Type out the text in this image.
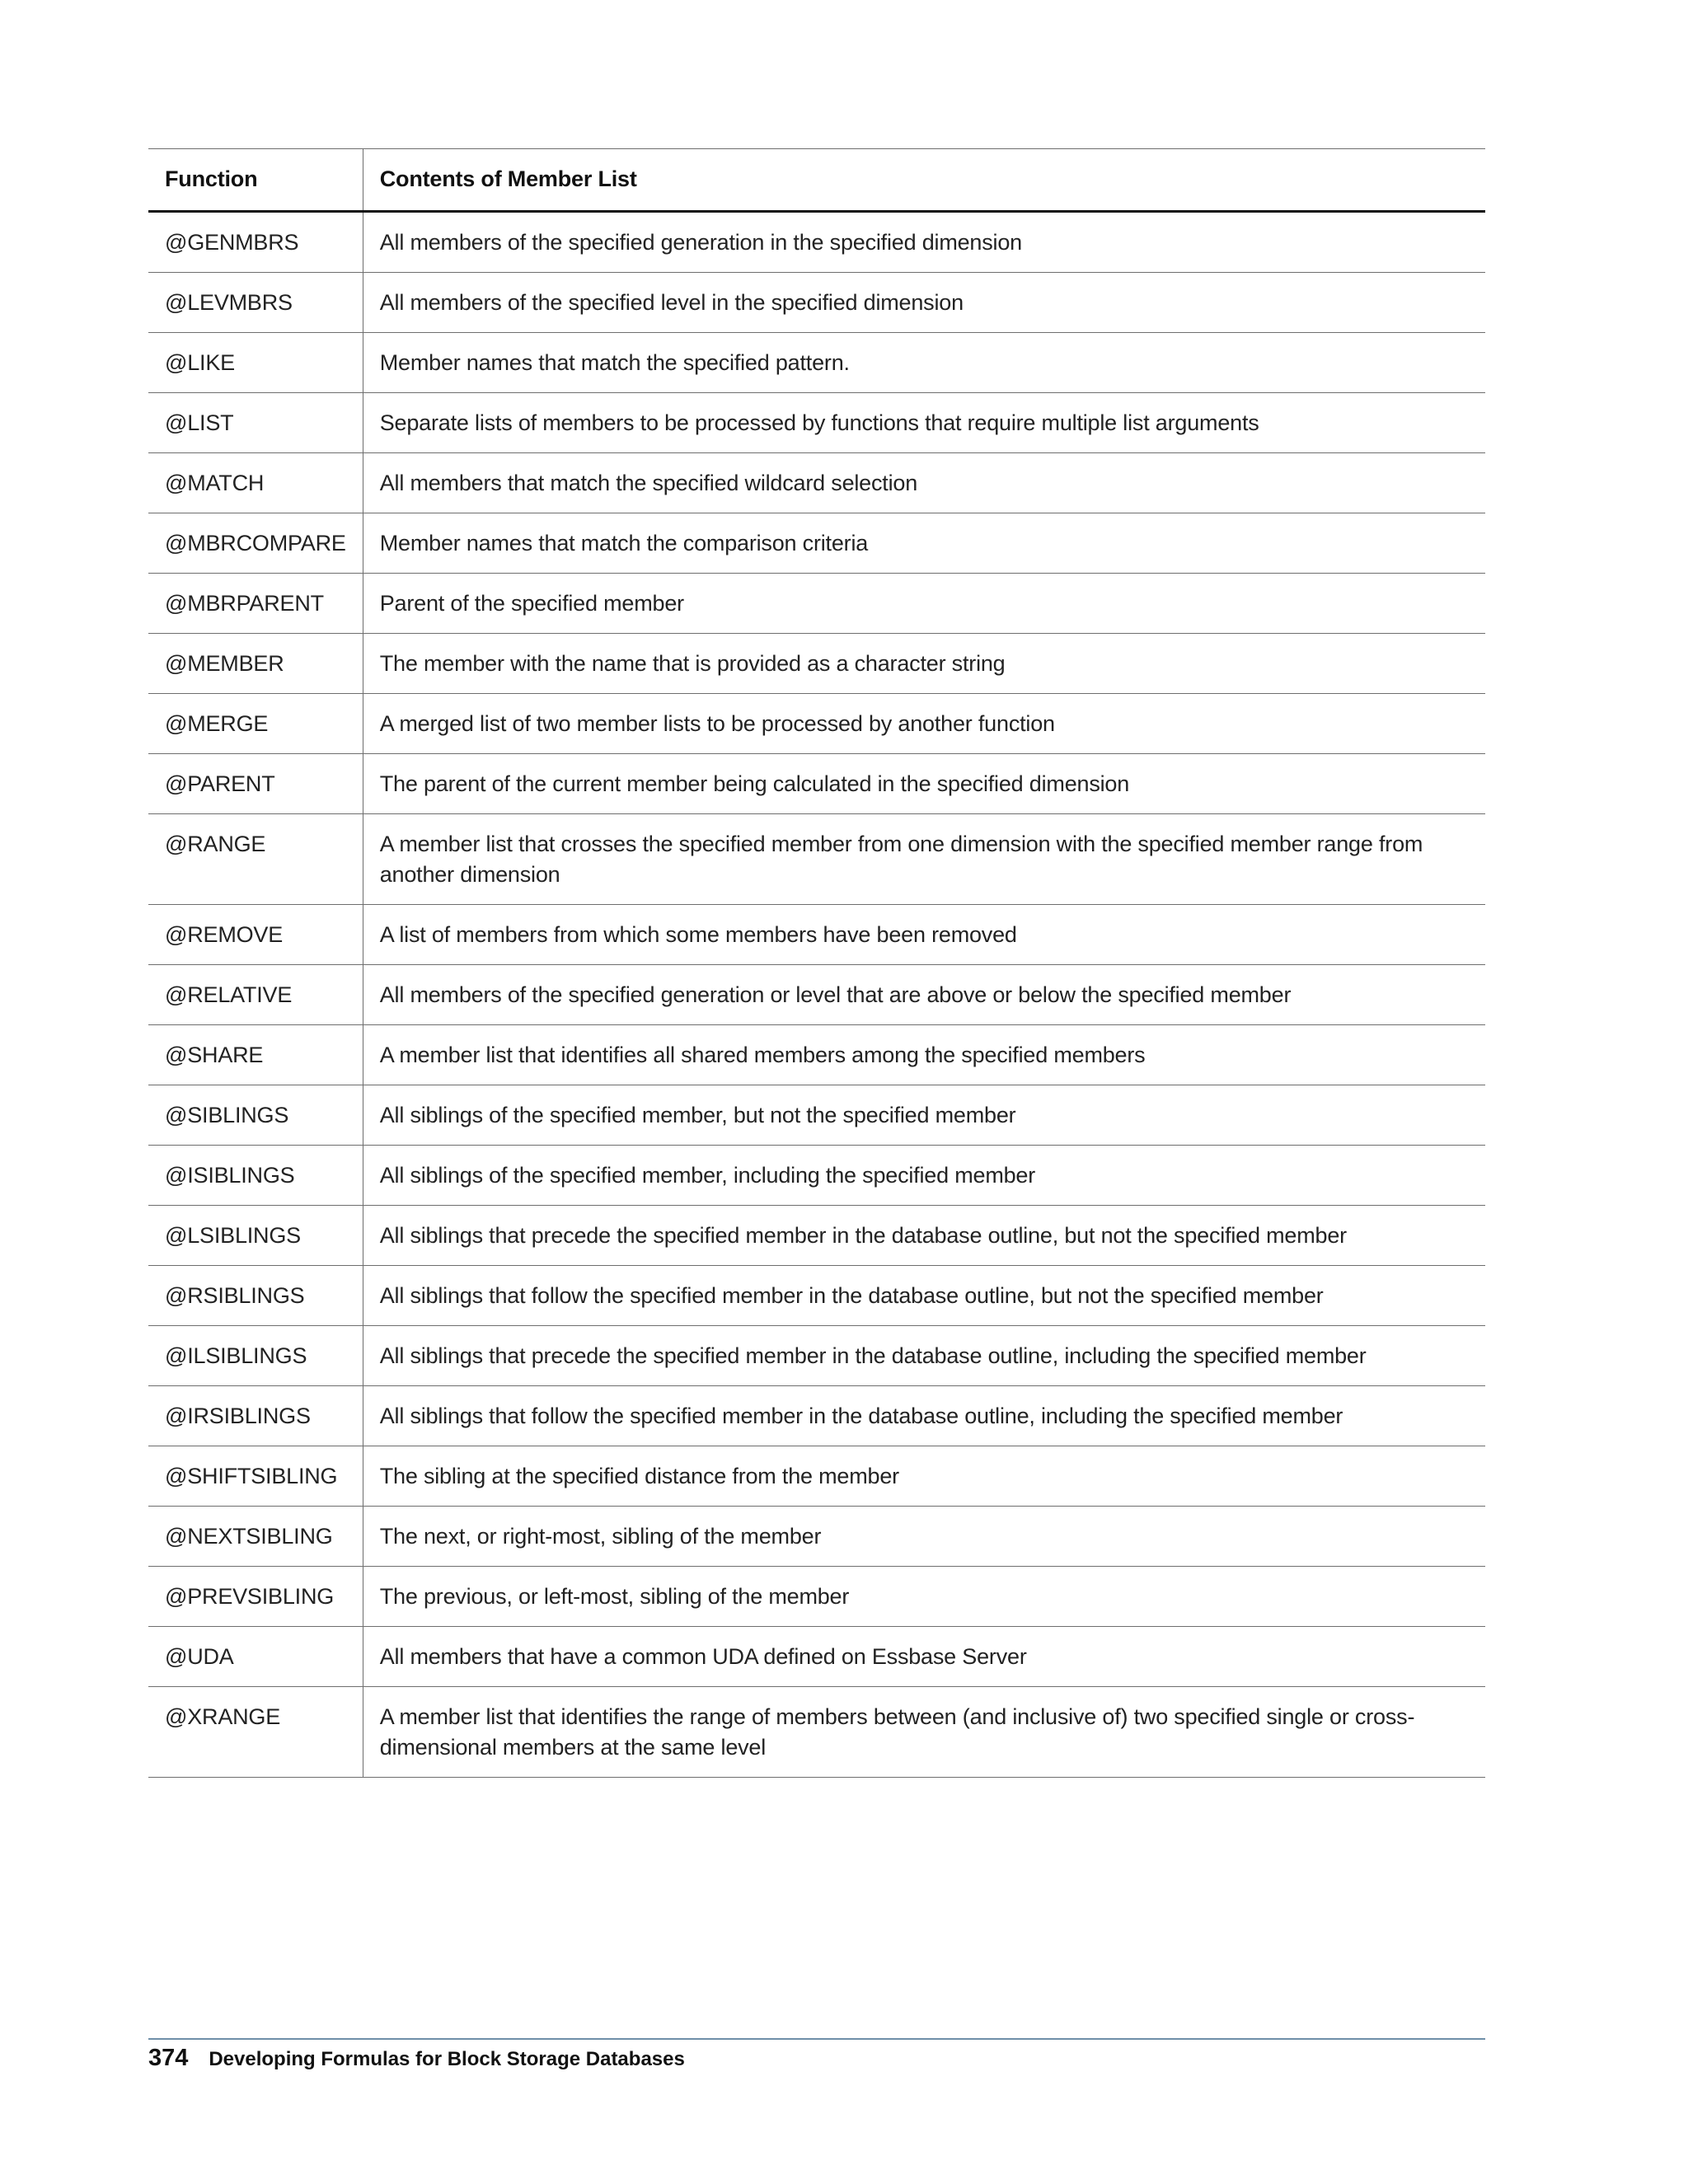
Function	Contents of Member List
@GENMBRS	All members of the specified generation in the specified dimension
@LEVMBRS	All members of the specified level in the specified dimension
@LIKE	Member names that match the specified pattern.
@LIST	Separate lists of members to be processed by functions that require multiple list arguments
@MATCH	All members that match the specified wildcard selection
@MBRCOMPARE	Member names that match the comparison criteria
@MBRPARENT	Parent of the specified member
@MEMBER	The member with the name that is provided as a character string
@MERGE	A merged list of two member lists to be processed by another function
@PARENT	The parent of the current member being calculated in the specified dimension
@RANGE	A member list that crosses the specified member from one dimension with the specified member range from another dimension
@REMOVE	A list of members from which some members have been removed
@RELATIVE	All members of the specified generation or level that are above or below the specified member
@SHARE	A member list that identifies all shared members among the specified members
@SIBLINGS	All siblings of the specified member, but not the specified member
@ISIBLINGS	All siblings of the specified member, including the specified member
@LSIBLINGS	All siblings that precede the specified member in the database outline, but not the specified member
@RSIBLINGS	All siblings that follow the specified member in the database outline, but not the specified member
@ILSIBLINGS	All siblings that precede the specified member in the database outline, including the specified member
@IRSIBLINGS	All siblings that follow the specified member in the database outline, including the specified member
@SHIFTSIBLING	The sibling at the specified distance from the member
@NEXTSIBLING	The next, or right-most, sibling of the member
@PREVSIBLING	The previous, or left-most, sibling of the member
@UDA	All members that have a common UDA defined on Essbase Server
@XRANGE	A member list that identifies the range of members between (and inclusive of) two specified single or cross-dimensional members at the same level
374 Developing Formulas for Block Storage Databases
